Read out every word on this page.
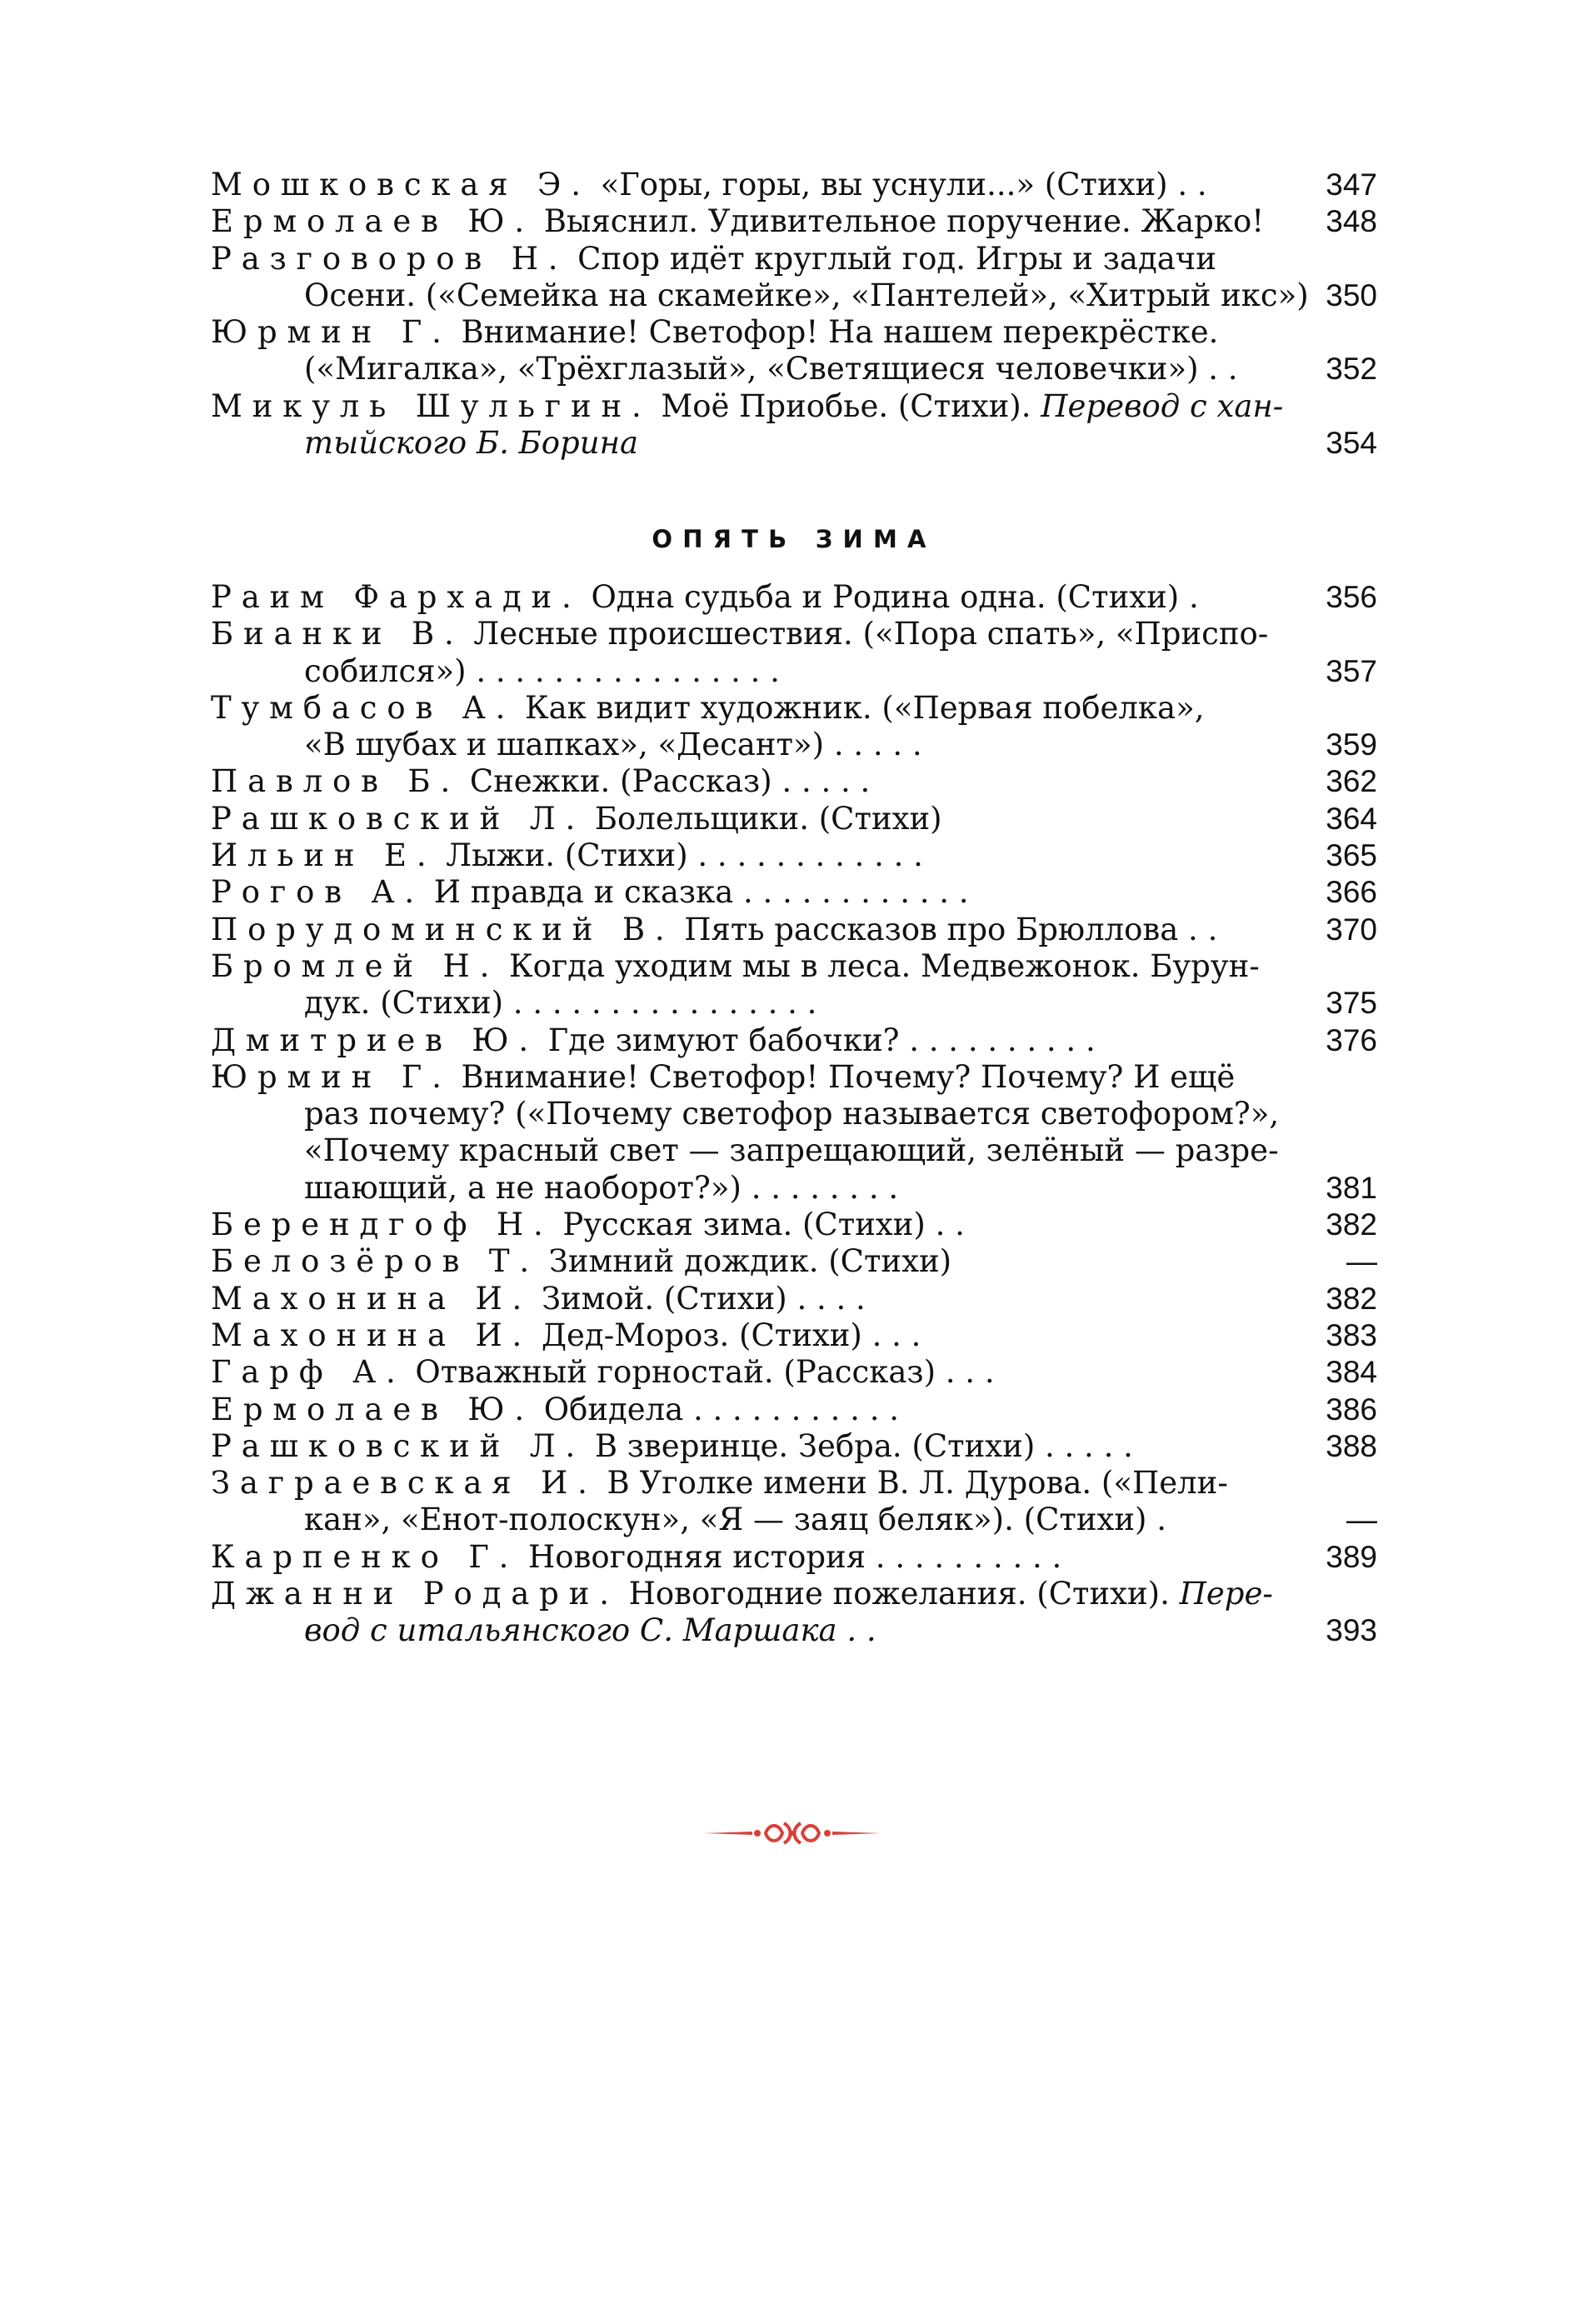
Мошковская Э. «Горы, горы, вы уснули...» (Стихи) . .	347
Ермолаев Ю. Выяснил. Удивительное поручение. Жарко!	348
Разговоров Н. Спор идёт круглый год. Игры и задачи
Осени. («Семейка на скамейке», «Пантелей», «Хитрый икс») 350
Юрмин Г. Внимание! Светофор! На нашем перекрёстке.
(«Мигалка», «Трёхглазый», «Светящиеся человечки») . .	352
Микуль Шульгин. Моё Приобье. (Стихи). Перевод с хан-
тыйского Б. Борина	354
ОПЯТЬ ЗИМА
Раим Фархади. Одна судьба и Родина одна. (Стихи) .	356
Бианки В. Лесные происшествия. («Пора спать», «Приспо-
собился») . . . . . . . . . . . . . . . .	357
Тумбасов А. Как видит художник. («Первая побелка»,
«В шубах и шапках», «Десант») . . . . .	359
Павлов Б. Снежки. (Рассказ) . . . . .	362
Рашковский Л. Болельщики. (Стихи)	364
Ильин Е. Лыжи. (Стихи) . . . . . . . . . . . .	365
Рогов А. И правда и сказка . . . . . . . . . . . .	366
Порудоминский В. Пять рассказов про Брюллова . .	370
Бромлей Н. Когда уходим мы в леса. Медвежонок. Бурун-
дук. (Стихи) . . . . . . . . . . . . . . . .	375
Дмитриев Ю. Где зимуют бабочки? . . . . . . . . . .	376
Юрмин Г. Внимание! Светофор! Почему? Почему? И ещё
раз почему? («Почему светофор называется светофором?»,
«Почему красный свет — запрещающий, зелёный — разре-
шающий, а не наоборот?») . . . . . . . .	381
Берендгоф Н. Русская зима. (Стихи) . .	382
Белозёров Т. Зимний дождик. (Стихи)	—
Махонина И. Зимой. (Стихи) . . . .	382
Махонина И. Дед-Мороз. (Стихи) . . .	383
Гарф А. Отважный горностай. (Рассказ) . . .	384
Ермолаев Ю. Обидела . . . . . . . . . . .	386
Рашковский Л. В зверинце. Зебра. (Стихи) . . . . .	388
Заграевская И. В Уголке имени В. Л. Дурова. («Пели-
кан», «Енот-полоскун», «Я — заяц беляк»). (Стихи) .	—
Карпенко Г. Новогодняя история . . . . . . . . . .	389
Джанни Родари. Новогодние пожелания. (Стихи). Пере-
вод с итальянского С. Маршака . .	393
